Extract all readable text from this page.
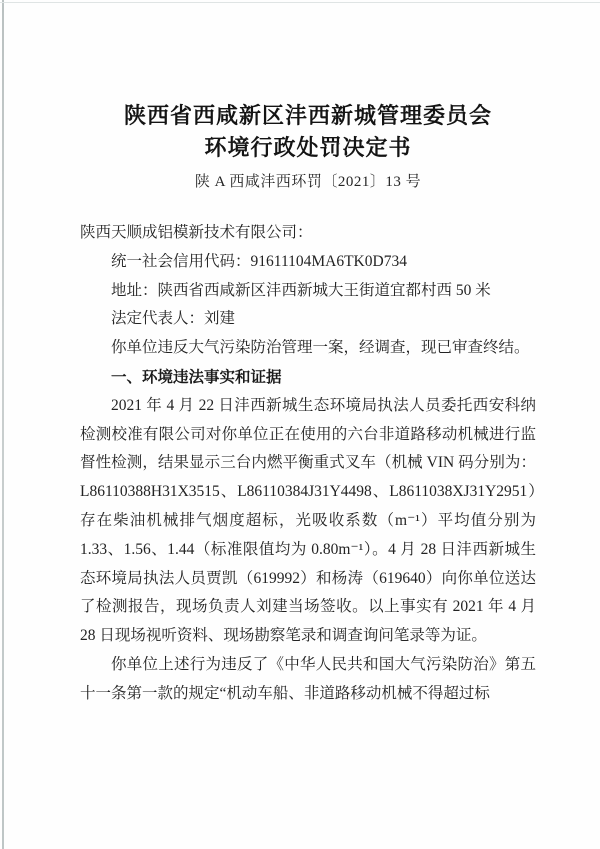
陕西省西咸新区沣西新城管理委员会
环境行政处罚决定书
陕 A 西咸沣西环罚〔2021〕13 号

陕西天顺成铝模新技术有限公司：

统一社会信用代码：91611104MA6TK0D734

地址：陕西省西咸新区沣西新城大王街道宜都村西 50 米

法定代表人：刘建

你单位违反大气污染防治管理一案，经调查，现已审查终结。

一、环境违法事实和证据

2021 年 4 月 22 日沣西新城生态环境局执法人员委托西安科纳检测校准有限公司对你单位正在使用的六台非道路移动机械进行监督性检测，结果显示三台内燃平衡重式叉车（机械 VIN 码分别为：L86110388H31X3515、L86110384J31Y4498、L8611038XJ31Y2951）存在柴油机械排气烟度超标，光吸收系数（m⁻¹）平均值分别为 1.33、1.56、1.44（标准限值均为 0.80m⁻¹）。4 月 28 日沣西新城生态环境局执法人员贾凯（619992）和杨涛（619640）向你单位送达了检测报告，现场负责人刘建当场签收。以上事实有 2021 年 4 月 28 日现场视听资料、现场勘察笔录和调查询问笔录等为证。

你单位上述行为违反了《中华人民共和国大气污染防治》第五十一条第一款的规定“机动车船、非道路移动机械不得超过标
